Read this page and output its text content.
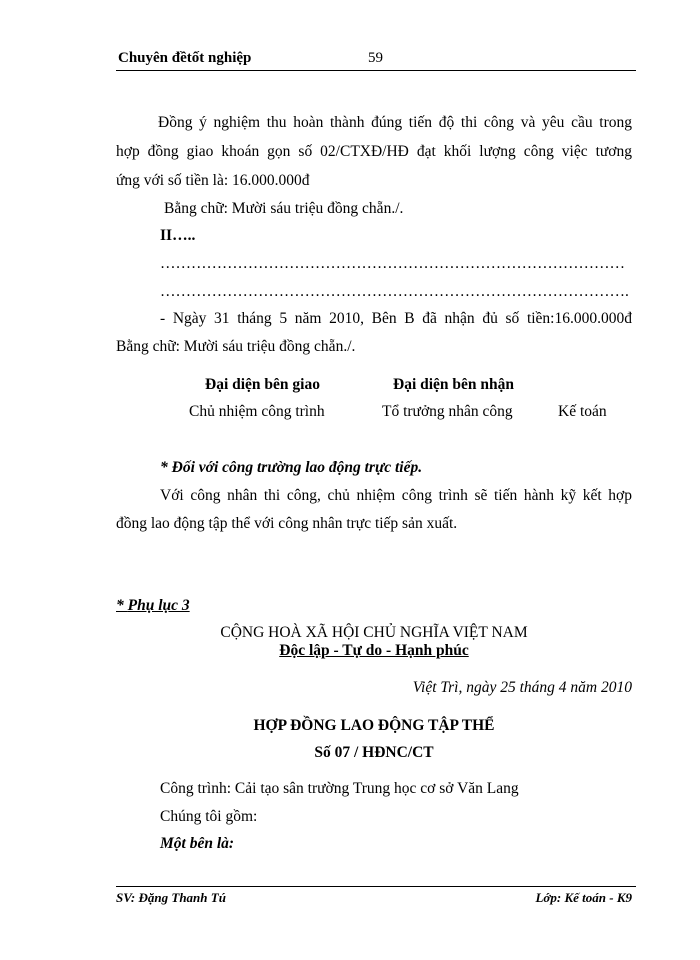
Chuyên đềtốt nghiệp	59
Đồng ý nghiệm thu hoàn thành đúng tiến độ thi công và yêu cầu trong
hợp đồng giao khoán gọn số 02/CTXĐ/HĐ đạt khối lượng công việc tương
ứng với số tiền là: 16.000.000đ
Bằng chữ: Mười sáu triệu đồng chẵn./.
II…..
………………………………………………………………………………
……………………………………………………………………………….
- Ngày 31 tháng 5 năm 2010, Bên B đã nhận đủ số tiền:16.000.000đ
Bằng chữ: Mười sáu triệu đồng chẵn./.
Đại diện bên giao	Đại diện bên nhận
Chủ nhiệm công trình	Tổ trưởng nhân công	Kế toán
* Đối với công trường lao động trực tiếp.
Với công nhân thi công, chủ nhiệm công trình sẽ tiến hành kỹ kết hợp
đồng lao động tập thể với công nhân trực tiếp sản xuất.
* Phụ lục 3
CỘNG HOÀ XÃ HỘI CHỦ NGHĨA VIỆT NAM
Độc lập - Tự do - Hạnh phúc
Việt Trì, ngày 25 tháng 4 năm 2010
HỢP ĐỒNG LAO ĐỘNG TẬP THỂ
Số 07 / HĐNC/CT
Công trình: Cải tạo sân trường Trung học cơ sở Văn Lang
Chúng tôi gồm:
Một bên là:
SV: Đặng Thanh Tú	Lớp: Kế toán - K9
